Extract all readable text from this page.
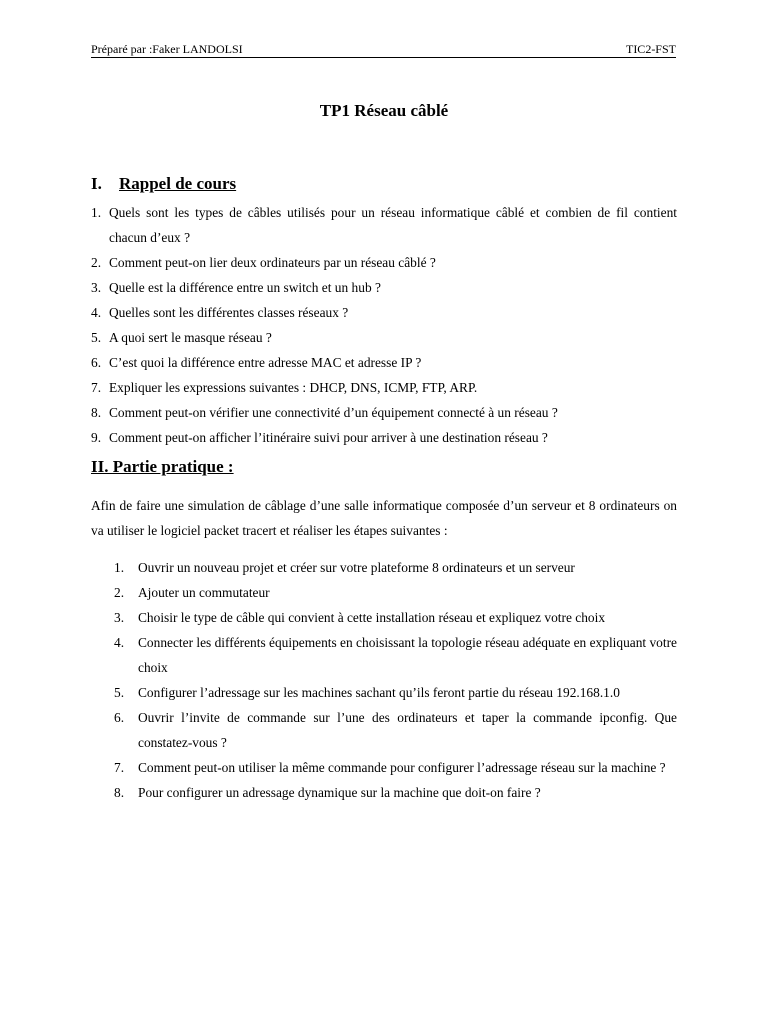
Préparé par :Faker LANDOLSI	TIC2-FST
TP1 Réseau câblé
I. Rappel de cours
1. Quels sont les types de câbles utilisés pour un réseau informatique câblé et combien de fil contient chacun d’eux ?
2. Comment peut-on lier deux ordinateurs par un réseau câblé ?
3. Quelle est la différence entre un switch et un hub ?
4. Quelles sont les différentes classes réseaux ?
5. A quoi sert le masque réseau ?
6. C’est quoi la différence entre adresse MAC et adresse IP ?
7. Expliquer les expressions suivantes : DHCP, DNS, ICMP, FTP, ARP.
8. Comment peut-on vérifier une connectivité d’un équipement connecté à un réseau ?
9. Comment peut-on afficher l’itinéraire suivi pour arriver à une destination réseau ?
II. Partie pratique :

Afin de faire une simulation de câblage d’une salle informatique composée d’un serveur et 8 ordinateurs on va utiliser le logiciel packet tracert et réaliser les étapes suivantes :

1. Ouvrir un nouveau projet et créer sur votre plateforme 8 ordinateurs et un serveur
2. Ajouter un commutateur
3. Choisir le type de câble qui convient à cette installation réseau et expliquez votre choix
4. Connecter les différents équipements en choisissant la topologie réseau adéquate en expliquant votre choix
5. Configurer l’adressage sur les machines sachant qu’ils feront partie du réseau 192.168.1.0
6. Ouvrir l’invite de commande sur l’une des ordinateurs et taper la commande ipconfig. Que constatez-vous ?
7. Comment peut-on utiliser la même commande pour configurer l’adressage réseau sur la machine ?
8. Pour configurer un adressage dynamique sur la machine que doit-on faire ?
